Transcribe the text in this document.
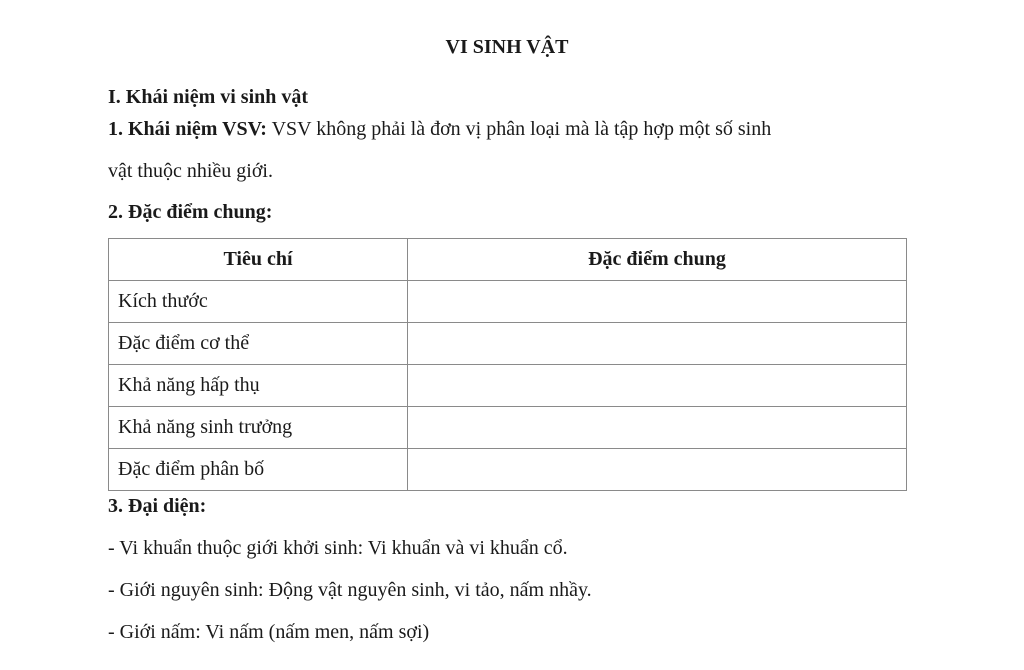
VI SINH VẬT
I. Khái niệm vi sinh vật
1. Khái niệm VSV: VSV không phải là đơn vị phân loại mà là tập hợp một số sinh
vật thuộc nhiều giới.
2. Đặc điểm chung:
Tiêu chí	Đặc điểm chung
Kích thước	
Đặc điểm cơ thể	
Khả năng hấp thụ	
Khả năng sinh trưởng	
Đặc điểm phân bố	
3. Đại diện:
- Vi khuẩn thuộc giới khởi sinh: Vi khuẩn và vi khuẩn cổ.
- Giới nguyên sinh: Động vật nguyên sinh, vi tảo, nấm nhầy.
- Giới nấm: Vi nấm (nấm men, nấm sợi)
